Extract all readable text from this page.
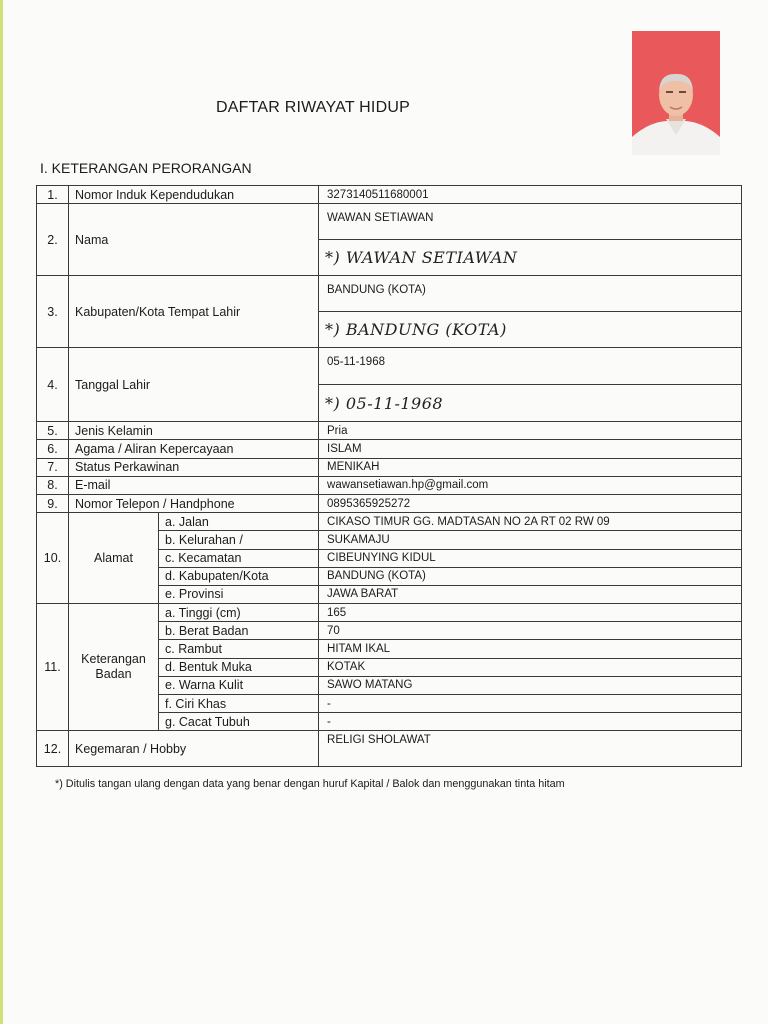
DAFTAR RIWAYAT HIDUP
I. KETERANGAN PERORANGAN
1.	Nomor Induk Kependudukan		3273140511680001
2.	Nama		WAWAN SETIAWAN
			*) WAWAN SETIAWAN
3.	Kabupaten/Kota Tempat Lahir		BANDUNG (KOTA)
			*) BANDUNG (KOTA)
4.	Tanggal Lahir		05-11-1968
			*) 05-11-1968
5.	Jenis Kelamin		Pria
6.	Agama / Aliran Kepercayaan		ISLAM
7.	Status Perkawinan		MENIKAH
8.	E-mail		wawansetiawan.hp@gmail.com
9.	Nomor Telepon / Handphone		0895365925272
10.	Alamat	a. Jalan	CIKASO TIMUR GG. MADTASAN NO 2A RT 02 RW 09
		b. Kelurahan /	SUKAMAJU
		c. Kecamatan	CIBEUNYING KIDUL
		d. Kabupaten/Kota	BANDUNG (KOTA)
		e. Provinsi	JAWA BARAT
11.	Keterangan Badan	a. Tinggi (cm)	165
		b. Berat Badan	70
		c. Rambut	HITAM IKAL
		d. Bentuk Muka	KOTAK
		e. Warna Kulit	SAWO MATANG
		f. Ciri Khas	-
		g. Cacat Tubuh	-
12.	Kegemaran / Hobby		RELIGI SHOLAWAT
*) Ditulis tangan ulang dengan data yang benar dengan huruf Kapital / Balok dan menggunakan tinta hitam
